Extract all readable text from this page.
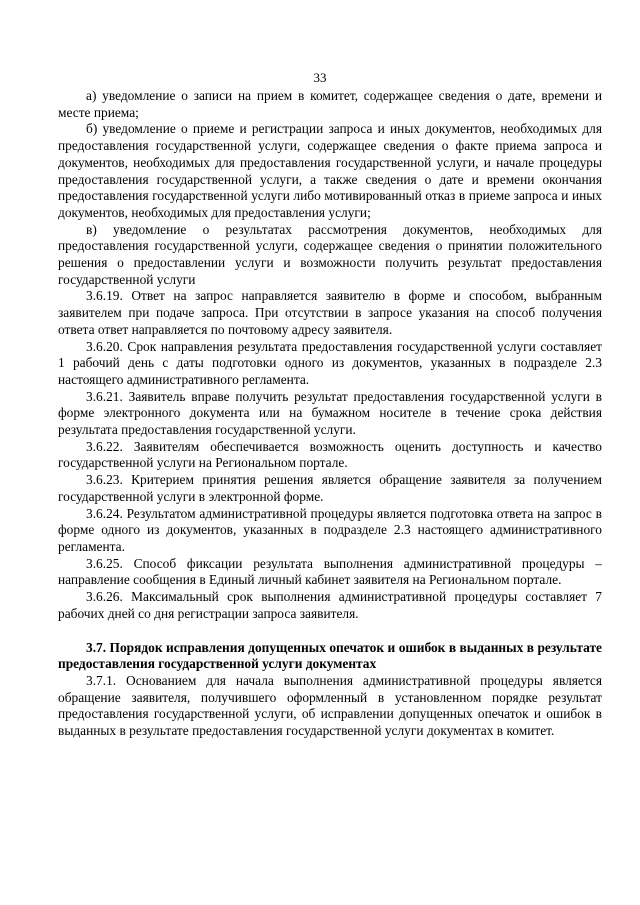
33

а) уведомление о записи на прием в комитет, содержащее сведения о дате, времени и месте приема;

б) уведомление о приеме и регистрации запроса и иных документов, необходимых для предоставления государственной услуги, содержащее сведения о факте приема запроса и документов, необходимых для предоставления государственной услуги, и начале процедуры предоставления государственной услуги, а также сведения о дате и времени окончания предоставления государственной услуги либо мотивированный отказ в приеме запроса и иных документов, необходимых для предоставления услуги;

в) уведомление о результатах рассмотрения документов, необходимых для предоставления государственной услуги, содержащее сведения о принятии положительного решения о предоставлении услуги и возможности получить результат предоставления государственной услуги

3.6.19. Ответ на запрос направляется заявителю в форме и способом, выбранным заявителем при подаче запроса. При отсутствии в запросе указания на способ получения ответа ответ направляется по почтовому адресу заявителя.

3.6.20. Срок направления результата предоставления государственной услуги составляет 1 рабочий день с даты подготовки одного из документов, указанных в подразделе 2.3 настоящего административного регламента.

3.6.21. Заявитель вправе получить результат предоставления государственной услуги в форме электронного документа или на бумажном носителе в течение срока действия результата предоставления государственной услуги.

3.6.22. Заявителям обеспечивается возможность оценить доступность и качество государственной услуги на Региональном портале.

3.6.23. Критерием принятия решения является обращение заявителя за получением государственной услуги в электронной форме.

3.6.24. Результатом административной процедуры является подготовка ответа на запрос в форме одного из документов, указанных в подразделе 2.3 настоящего административного регламента.

3.6.25. Способ фиксации результата выполнения административной процедуры – направление сообщения в Единый личный кабинет заявителя на Региональном портале.

3.6.26. Максимальный срок выполнения административной процедуры составляет 7 рабочих дней со дня регистрации запроса заявителя.

3.7. Порядок исправления допущенных опечаток и ошибок в выданных в результате предоставления государственной услуги документах

3.7.1. Основанием для начала выполнения административной процедуры является обращение заявителя, получившего оформленный в установленном порядке результат предоставления государственной услуги, об исправлении допущенных опечаток и ошибок в выданных в результате предоставления государственной услуги документах в комитет.
